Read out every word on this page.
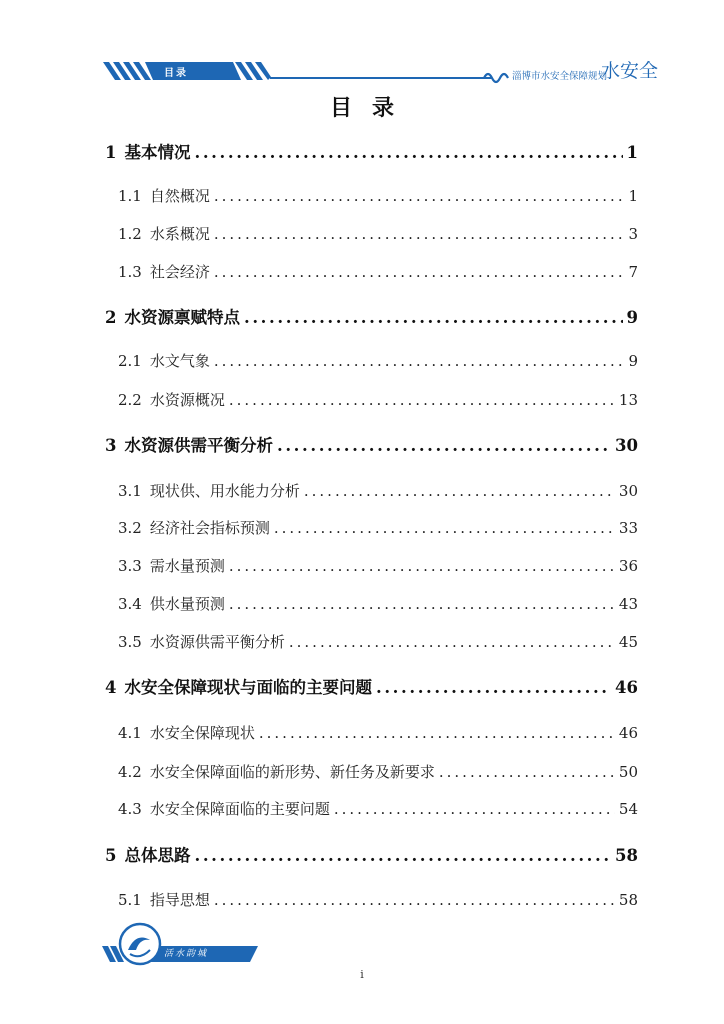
目录	淄博市水安全保障规划
水安全
目录
1 基本情况 .....	1
1.1 自然概况 .....	1
1.2 水系概况 .....	3
1.3 社会经济 .....	7
2 水资源禀赋特点 .....	9
2.1 水文气象 .....	9
2.2 水资源概况 .....	13
3 水资源供需平衡分析 .....	30
3.1 现状供、用水能力分析 .....	30
3.2 经济社会指标预测 .....	33
3.3 需水量预测 .....	36
3.4 供水量预测 .....	43
3.5 水资源供需平衡分析 .....	45
4 水安全保障现状与面临的主要问题 .....	46
4.1 水安全保障现状 .....	46
4.2 水安全保障面临的新形势、新任务及新要求 .....	50
4.3 水安全保障面临的主要问题 .....	54
5 总体思路 .....	58
5.1 指导思想 .....	58
活水韵城
i
